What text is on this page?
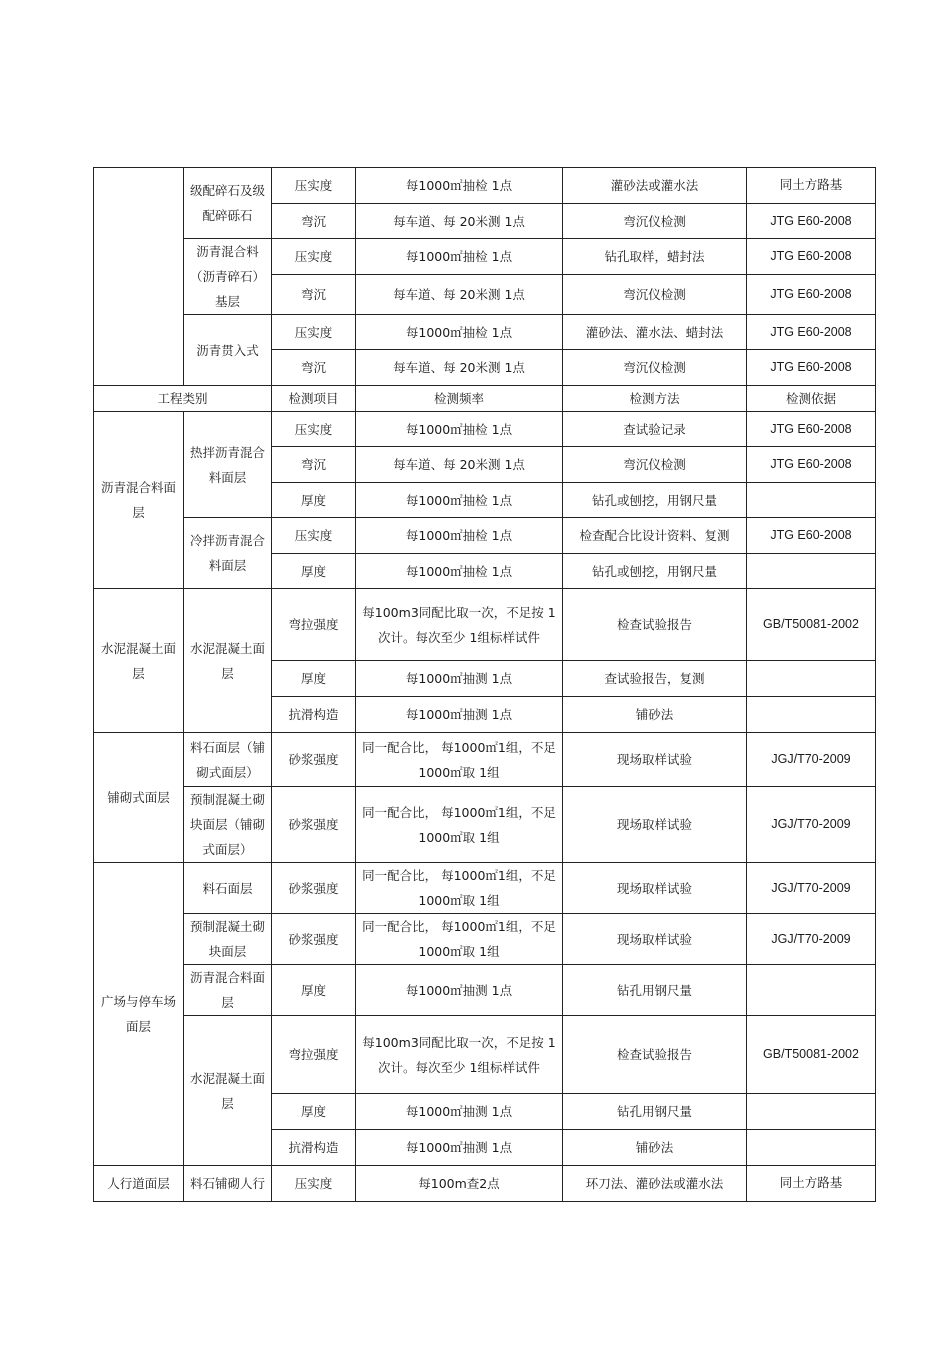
	级配碎石及级配碎砾石	压实度	每1000㎡抽检 1点	灌砂法或灌水法	同土方路基
		弯沉	每车道、每 20米测 1点	弯沉仪检测	JTG E60-2008
	沥青混合料（沥青碎石）基层	压实度	每1000㎡抽检 1点	钻孔取样，蜡封法	JTG E60-2008
		弯沉	每车道、每 20米测 1点	弯沉仪检测	JTG E60-2008
	沥青贯入式	压实度	每1000㎡抽检 1点	灌砂法、灌水法、蜡封法	JTG E60-2008
		弯沉	每车道、每 20米测 1点	弯沉仪检测	JTG E60-2008
工程类别		检测项目	检测频率	检测方法	检测依据
沥青混合料面层	热拌沥青混合料面层	压实度	每1000㎡抽检 1点	查试验记录	JTG E60-2008
		弯沉	每车道、每 20米测 1点	弯沉仪检测	JTG E60-2008
		厚度	每1000㎡抽检 1点	钻孔或刨挖，用钢尺量	
	冷拌沥青混合料面层	压实度	每1000㎡抽检 1点	检查配合比设计资料、复测	JTG E60-2008
		厚度	每1000㎡抽检 1点	钻孔或刨挖，用钢尺量	
水泥混凝土面层	水泥混凝土面层	弯拉强度	每100m3同配比取一次，不足按 1次计。每次至少 1组标样试件	检查试验报告	GB/T50081-2002
		厚度	每1000㎡抽测 1点	查试验报告，复测	
		抗滑构造	每1000㎡抽测 1点	铺砂法	
铺砌式面层	料石面层（铺砌式面层）	砂浆强度	同一配合比， 每1000㎡1组，不足1000㎡取 1组	现场取样试验	JGJ/T70-2009
	预制混凝土砌块面层（铺砌式面层）	砂浆强度	同一配合比， 每1000㎡1组，不足1000㎡取 1组	现场取样试验	JGJ/T70-2009
广场与停车场面层	料石面层	砂浆强度	同一配合比， 每1000㎡1组，不足1000㎡取 1组	现场取样试验	JGJ/T70-2009
	预制混凝土砌块面层	砂浆强度	同一配合比， 每1000㎡1组，不足1000㎡取 1组	现场取样试验	JGJ/T70-2009
	沥青混合料面层	厚度	每1000㎡抽测 1点	钻孔用钢尺量	
	水泥混凝土面层	弯拉强度	每100m3同配比取一次，不足按 1次计。每次至少 1组标样试件	检查试验报告	GB/T50081-2002
		厚度	每1000㎡抽测 1点	钻孔用钢尺量	
		抗滑构造	每1000㎡抽测 1点	铺砂法	
人行道面层	料石铺砌人行	压实度	每100m查2点	环刀法、灌砂法或灌水法	同土方路基
